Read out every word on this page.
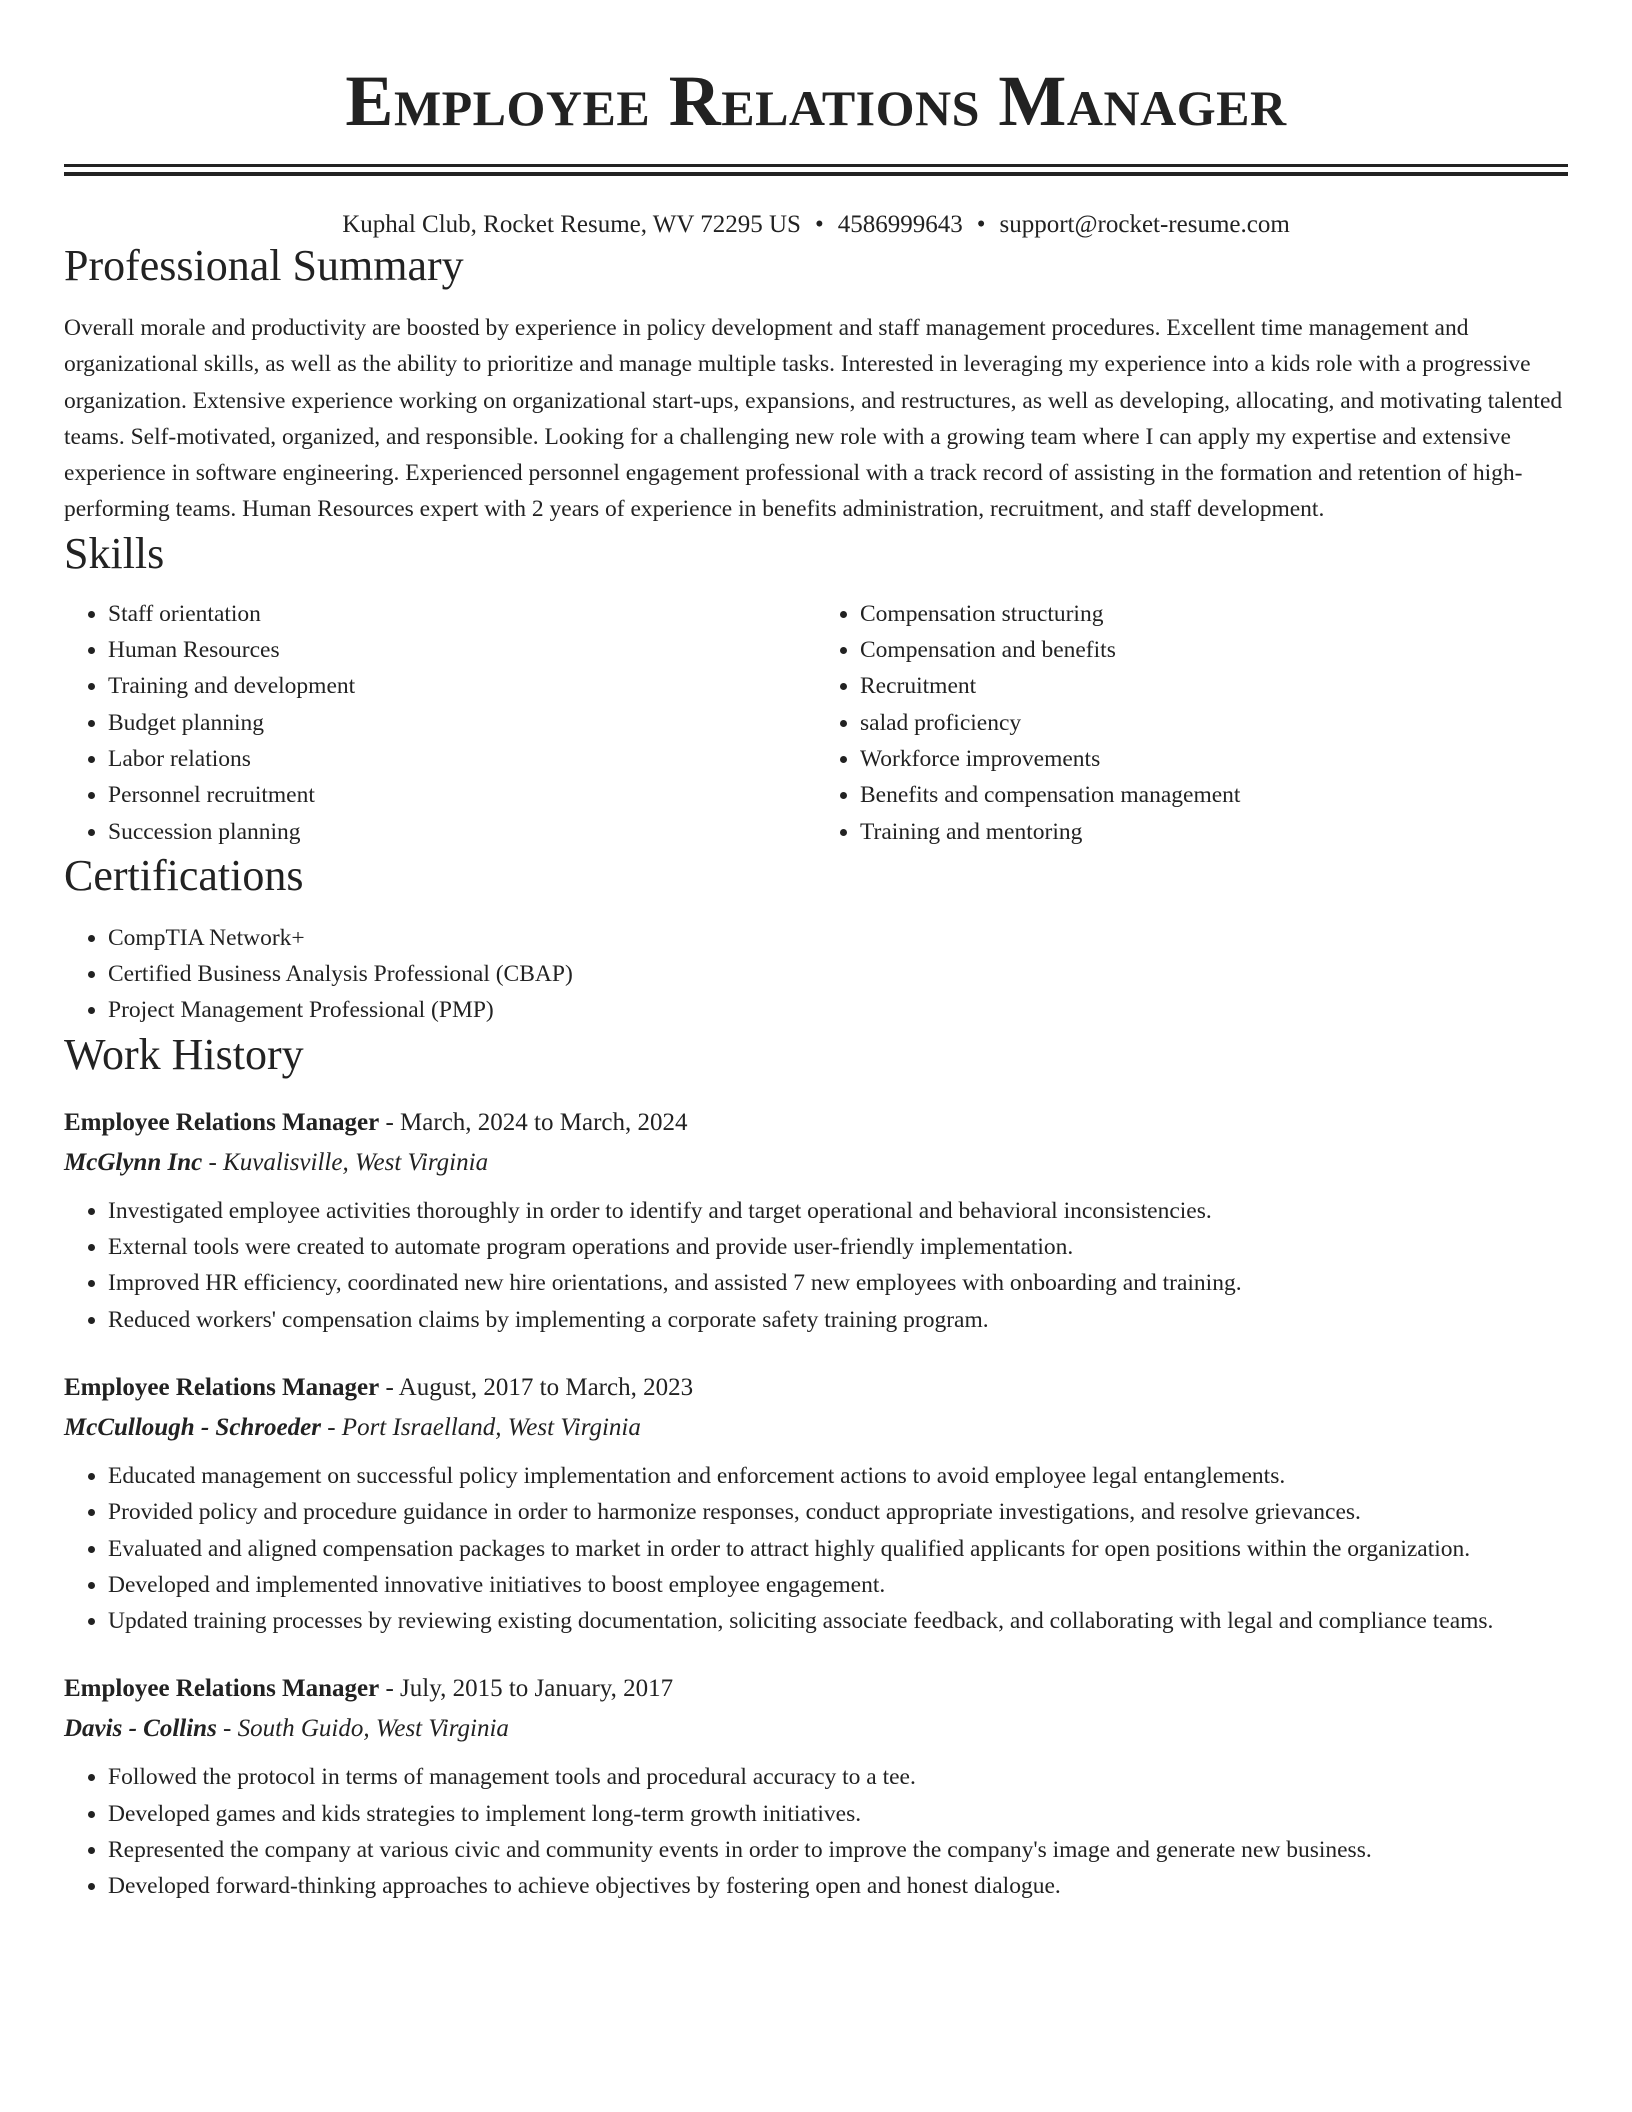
Employee Relations Manager
Kuphal Club, Rocket Resume, WV 72295 US • 4586999643 • support@rocket-resume.com
Professional Summary
Overall morale and productivity are boosted by experience in policy development and staff management procedures. Excellent time management and organizational skills, as well as the ability to prioritize and manage multiple tasks. Interested in leveraging my experience into a kids role with a progressive organization. Extensive experience working on organizational start-ups, expansions, and restructures, as well as developing, allocating, and motivating talented teams. Self-motivated, organized, and responsible. Looking for a challenging new role with a growing team where I can apply my expertise and extensive experience in software engineering. Experienced personnel engagement professional with a track record of assisting in the formation and retention of high-performing teams. Human Resources expert with 2 years of experience in benefits administration, recruitment, and staff development.
Skills
• Staff orientation
• Human Resources
• Training and development
• Budget planning
• Labor relations
• Personnel recruitment
• Succession planning
• Compensation structuring
• Compensation and benefits
• Recruitment
• salad proficiency
• Workforce improvements
• Benefits and compensation management
• Training and mentoring
Certifications
• CompTIA Network+
• Certified Business Analysis Professional (CBAP)
• Project Management Professional (PMP)
Work History
Employee Relations Manager - March, 2024 to March, 2024
McGlynn Inc - Kuvalisville, West Virginia
• Investigated employee activities thoroughly in order to identify and target operational and behavioral inconsistencies.
• External tools were created to automate program operations and provide user-friendly implementation.
• Improved HR efficiency, coordinated new hire orientations, and assisted 7 new employees with onboarding and training.
• Reduced workers' compensation claims by implementing a corporate safety training program.
Employee Relations Manager - August, 2017 to March, 2023
McCullough - Schroeder - Port Israelland, West Virginia
• Educated management on successful policy implementation and enforcement actions to avoid employee legal entanglements.
• Provided policy and procedure guidance in order to harmonize responses, conduct appropriate investigations, and resolve grievances.
• Evaluated and aligned compensation packages to market in order to attract highly qualified applicants for open positions within the organization.
• Developed and implemented innovative initiatives to boost employee engagement.
• Updated training processes by reviewing existing documentation, soliciting associate feedback, and collaborating with legal and compliance teams.
Employee Relations Manager - July, 2015 to January, 2017
Davis - Collins - South Guido, West Virginia
• Followed the protocol in terms of management tools and procedural accuracy to a tee.
• Developed games and kids strategies to implement long-term growth initiatives.
• Represented the company at various civic and community events in order to improve the company's image and generate new business.
• Developed forward-thinking approaches to achieve objectives by fostering open and honest dialogue.
